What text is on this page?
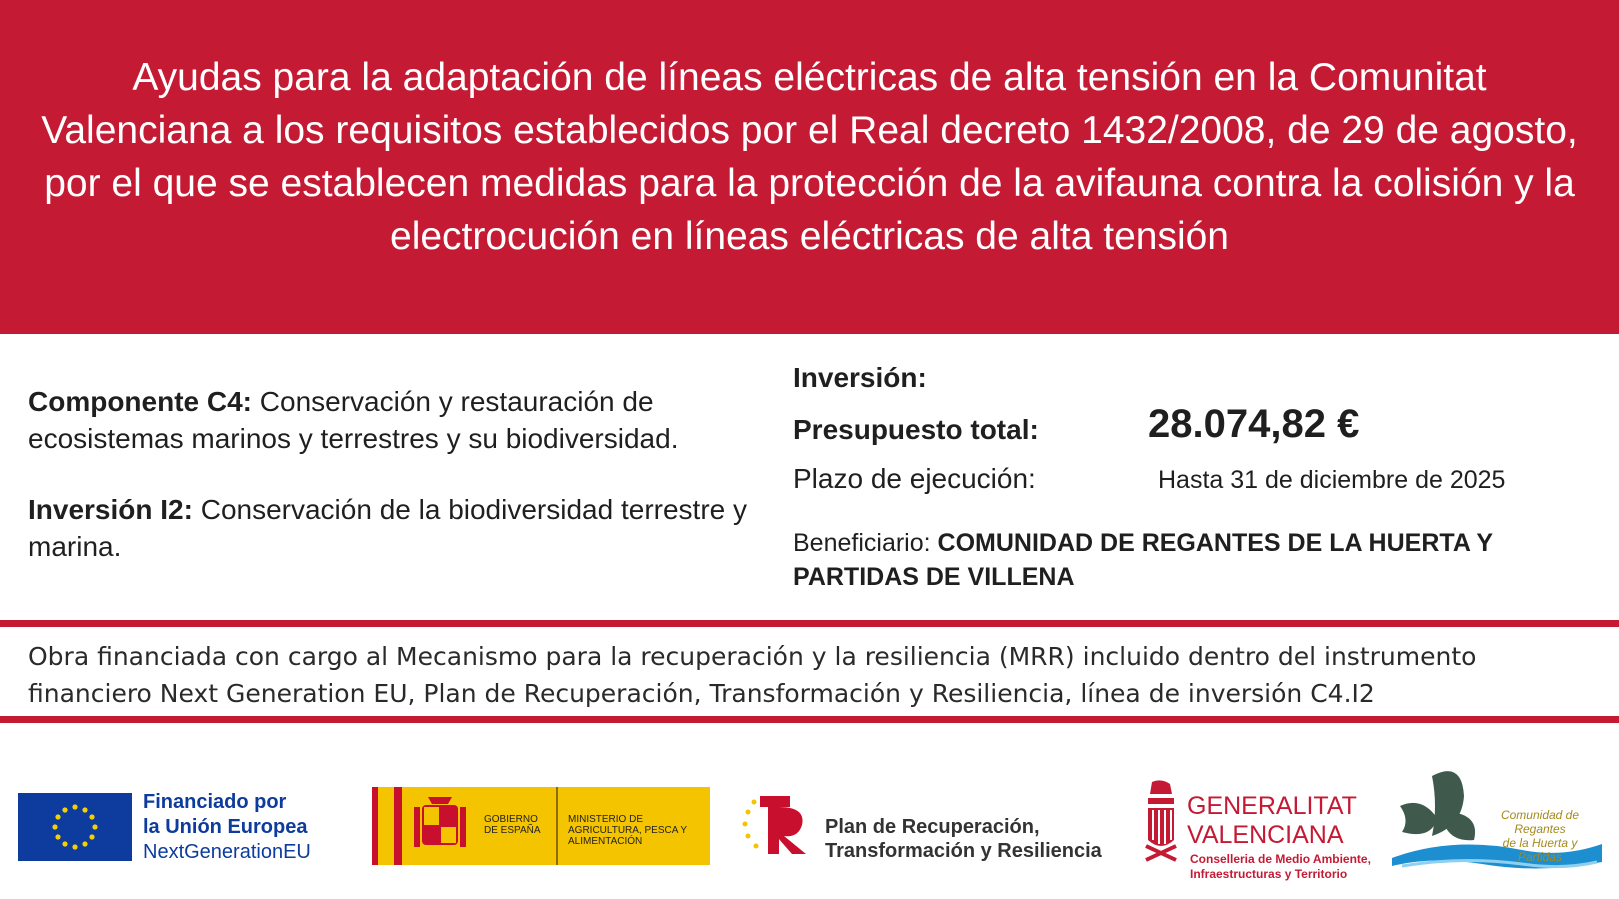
Ayudas para la adaptación de líneas eléctricas de alta tensión en la Comunitat Valenciana a los requisitos establecidos por el Real decreto 1432/2008, de 29 de agosto, por el que se establecen medidas para la protección de la avifauna contra la colisión y la electrocución en líneas eléctricas de alta tensión

Componente C4: Conservación y restauración de ecosistemas marinos y terrestres y su biodiversidad.

Inversión I2: Conservación de la biodiversidad terrestre y marina.

Inversión:
Presupuesto total:	28.074,82 €
Plazo de ejecución:	Hasta 31 de diciembre de 2025
Beneficiario: COMUNIDAD DE REGANTES DE LA HUERTA Y PARTIDAS DE VILLENA
Obra financiada con cargo al Mecanismo para la recuperación y la resiliencia (MRR) incluido dentro del instrumento financiero Next Generation EU, Plan de Recuperación, Transformación y Resiliencia, línea de inversión C4.I2
Financiado por
la Unión Europea
NextGenerationEU
GOBIERNO DE ESPAÑA
MINISTERIO DE AGRICULTURA, PESCA Y ALIMENTACIÓN
Plan de Recuperación,
Transformación y Resiliencia
GENERALITAT
VALENCIANA
Conselleria de Medio Ambiente,
Infraestructuras y Territorio
Comunidad de Regantes
de la Huerta y Partidas
